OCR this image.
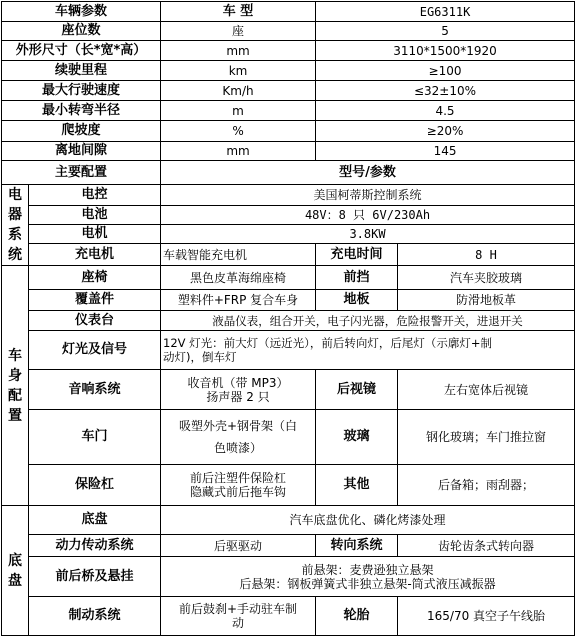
车辆参数		车 型	EG6311K	
座位数		座	5	
外形尺寸（长*宽*高）		mm	3110*1500*1920	
续驶里程		km	≥100	
最大行驶速度		Km/h	≤32±10%	
最小转弯半径		m	4.5	
爬坡度		%	≥20%	
离地间隙		mm	145	
主要配置		型号/参数		

电
器
系
统	电控	美国柯蒂斯控制系统		
	电池	48V：8 只 6V/230Ah		
	电机	3.8KW		
	充电机	车载智能充电机	充电时间	8 H

车
身
配
置	座椅	黑色皮革海绵座椅	前挡	汽车夹胶玻璃
	覆盖件	塑料件+FRP 复合车身	地板	防滑地板革
	仪表台	液晶仪表，组合开关，电子闪光器，危险报警开关，进退开关		
	灯光及信号	12V 灯光：前大灯（远近光），前后转向灯，后尾灯（示廓灯+制
动灯)，倒车灯		

	音响系统	收音机（带 MP3）
扬声器 2 只	后视镜	左右宽体后视镜
	车门	吸塑外壳+钢骨架（白
色喷漆）	玻璃	钢化玻璃；车门推拉窗
	保险杠	前后注塑件保险杠
隐藏式前后拖车钩	其他	后备箱；雨刮器；

底
盘	底盘	汽车底盘优化、磷化烤漆处理		
	动力传动系统	后驱驱动	转向系统	齿轮齿条式转向器
	前后桥及悬挂	前悬架：麦费逊独立悬架
后悬架：钢板弹簧式非独立悬架-筒式液压减振器		

	制动系统	前后鼓刹+手动驻车制
动	轮胎	165/70 真空子午线胎
